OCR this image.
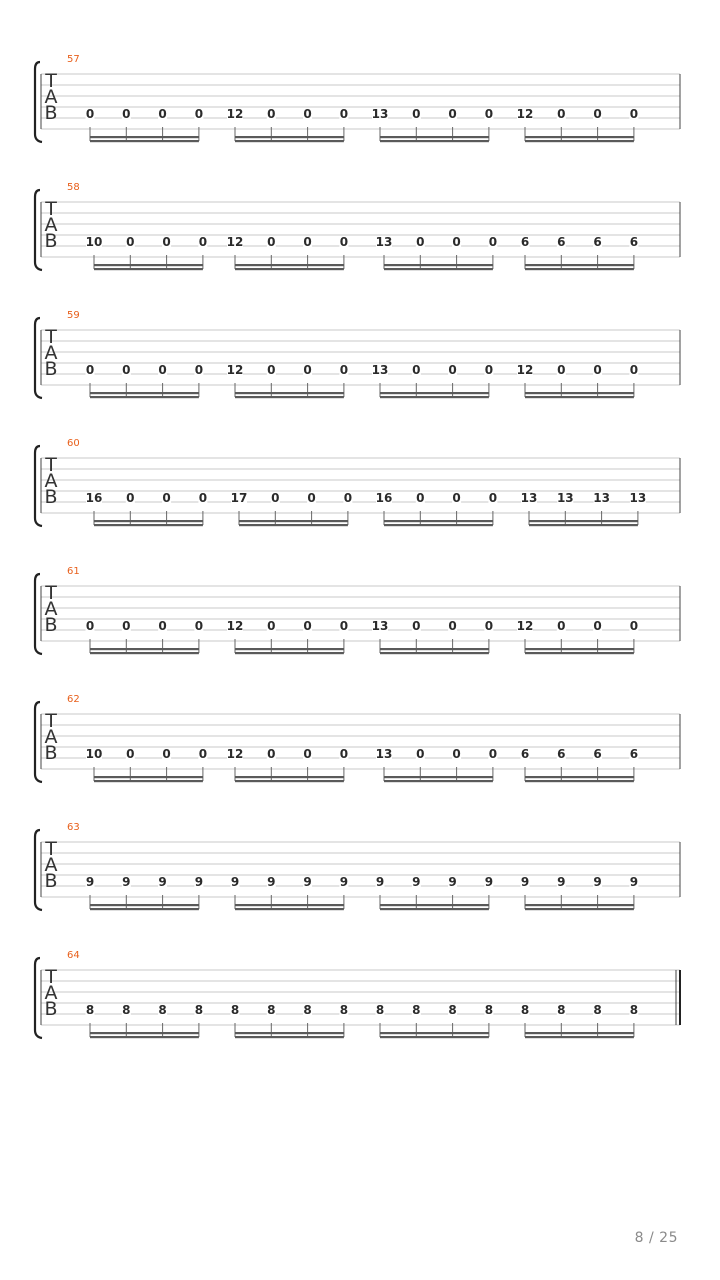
57
T
A
B 0 0 0 0 12 0 0 0 13 0 0 0 12 0 0 0
58
T
A
B 10 0 0 0 12 0 0 0 13 0 0 0 6 6 6 6
59
T
A
B 0 0 0 0 12 0 0 0 13 0 0 0 12 0 0 0
60
T
A
B 16 0 0 0 17 0 0 0 16 0 0 0 13 13 13 13
61
T
A
B 0 0 0 0 12 0 0 0 13 0 0 0 12 0 0 0
62
T
A
B 10 0 0 0 12 0 0 0 13 0 0 0 6 6 6 6
63
T
A
B 9 9 9 9 9 9 9 9 9 9 9 9 9 9 9 9
64
T
A
B 8 8 8 8 8 8 8 8 8 8 8 8 8 8 8 8
8 / 25
